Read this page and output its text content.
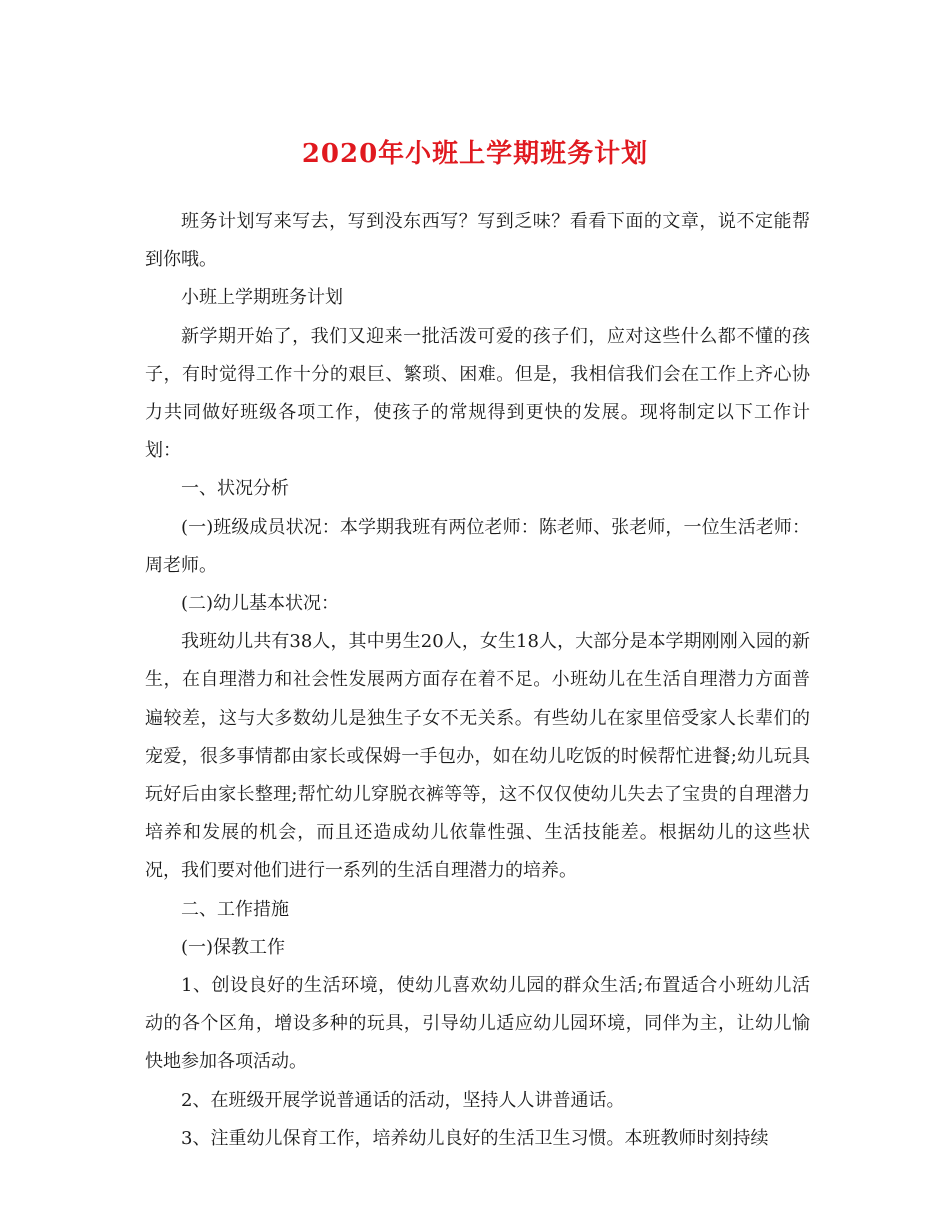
2020年小班上学期班务计划

班务计划写来写去，写到没东西写？写到乏味？看看下面的文章，说不定能帮到你哦。

小班上学期班务计划

新学期开始了，我们又迎来一批活泼可爱的孩子们，应对这些什么都不懂的孩子，有时觉得工作十分的艰巨、繁琐、困难。但是，我相信我们会在工作上齐心协力共同做好班级各项工作，使孩子的常规得到更快的发展。现将制定以下工作计划：

一、状况分析

(一)班级成员状况：本学期我班有两位老师：陈老师、张老师，一位生活老师：周老师。

(二)幼儿基本状况：

我班幼儿共有38人，其中男生20人，女生18人，大部分是本学期刚刚入园的新生，在自理潜力和社会性发展两方面存在着不足。小班幼儿在生活自理潜力方面普遍较差，这与大多数幼儿是独生子女不无关系。有些幼儿在家里倍受家人长辈们的宠爱，很多事情都由家长或保姆一手包办，如在幼儿吃饭的时候帮忙进餐;幼儿玩具玩好后由家长整理;帮忙幼儿穿脱衣裤等等，这不仅仅使幼儿失去了宝贵的自理潜力培养和发展的机会，而且还造成幼儿依靠性强、生活技能差。根据幼儿的这些状况，我们要对他们进行一系列的生活自理潜力的培养。

二、工作措施

(一)保教工作

1、创设良好的生活环境，使幼儿喜欢幼儿园的群众生活;布置适合小班幼儿活动的各个区角，增设多种的玩具，引导幼儿适应幼儿园环境，同伴为主，让幼儿愉快地参加各项活动。

2、在班级开展学说普通话的活动，坚持人人讲普通话。

3、注重幼儿保育工作，培养幼儿良好的生活卫生习惯。本班教师时刻持续
